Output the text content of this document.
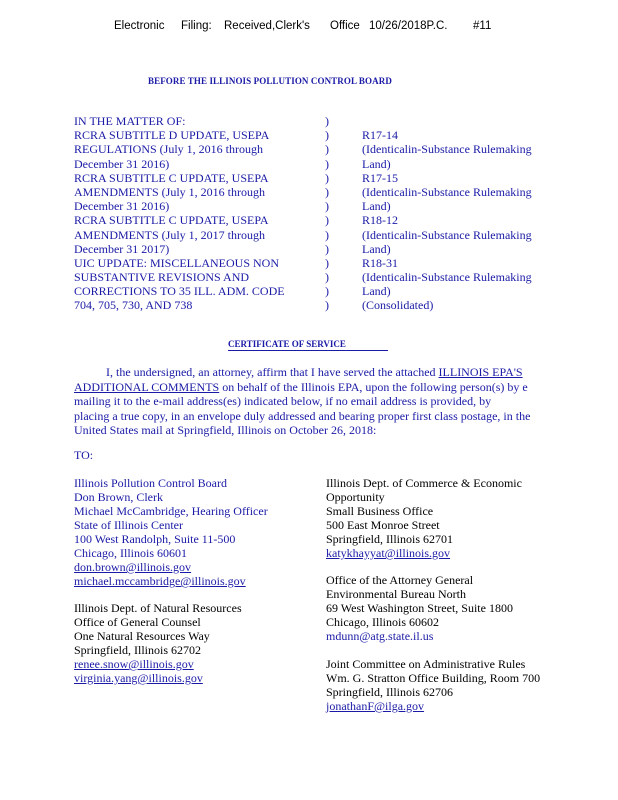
Electronic Filing: Received,Clerk's Office 10/26/2018P.C. #11
BEFORE THE ILLINOIS POLLUTION CONTROL BOARD
IN THE MATTER OF:
RCRA SUBTITLE D UPDATE, USEPA
REGULATIONS (July 1, 2016 through
December 31 2016)
RCRA SUBTITLE C UPDATE, USEPA
AMENDMENTS (July 1, 2016 through
December 31 2016)
RCRA SUBTITLE C UPDATE, USEPA
AMENDMENTS (July 1, 2017 through
December 31 2017)
UIC UPDATE: MISCELLANEOUS NON
SUBSTANTIVE REVISIONS AND
CORRECTIONS TO 35 ILL. ADM. CODE
704, 705, 730, AND 738
)
)
)
)
)
)
)
)
)
)
)
)
)
)
R17-14
(Identicalin-Substance Rulemaking
Land)
R17-15
(Identicalin-Substance Rulemaking
Land)
R18-12
(Identicalin-Substance Rulemaking
Land)
R18-31
(Identicalin-Substance Rulemaking
Land)
(Consolidated)
CERTIFICATE OF SERVICE
I, the undersigned, an attorney, affirm that I have served the attached ILLINOIS EPA'S
ADDITIONAL COMMENTS on behalf of the Illinois EPA, upon the following person(s) by e
mailing it to the e-mail address(es) indicated below, if no email address is provided, by
placing a true copy, in an envelope duly addressed and bearing proper first class postage, in the
United States mail at Springfield, Illinois on October 26, 2018:
TO:
Illinois Pollution Control Board
Don Brown, Clerk
Michael McCambridge, Hearing Officer
State of Illinois Center
100 West Randolph, Suite 11-500
Chicago, Illinois 60601
don.brown@illinois.gov
michael.mccambridge@illinois.gov
Illinois Dept. of Natural Resources
Office of General Counsel
One Natural Resources Way
Springfield, Illinois 62702
renee.snow@illinois.gov
virginia.yang@illinois.gov
Illinois Dept. of Commerce & Economic
Opportunity
Small Business Office
500 East Monroe Street
Springfield, Illinois 62701
katykhayyat@illinois.gov
Office of the Attorney General
Environmental Bureau North
69 West Washington Street, Suite 1800
Chicago, Illinois 60602
mdunn@atg.state.il.us
Joint Committee on Administrative Rules
Wm. G. Stratton Office Building, Room 700
Springfield, Illinois 62706
jonathanF@ilga.gov
